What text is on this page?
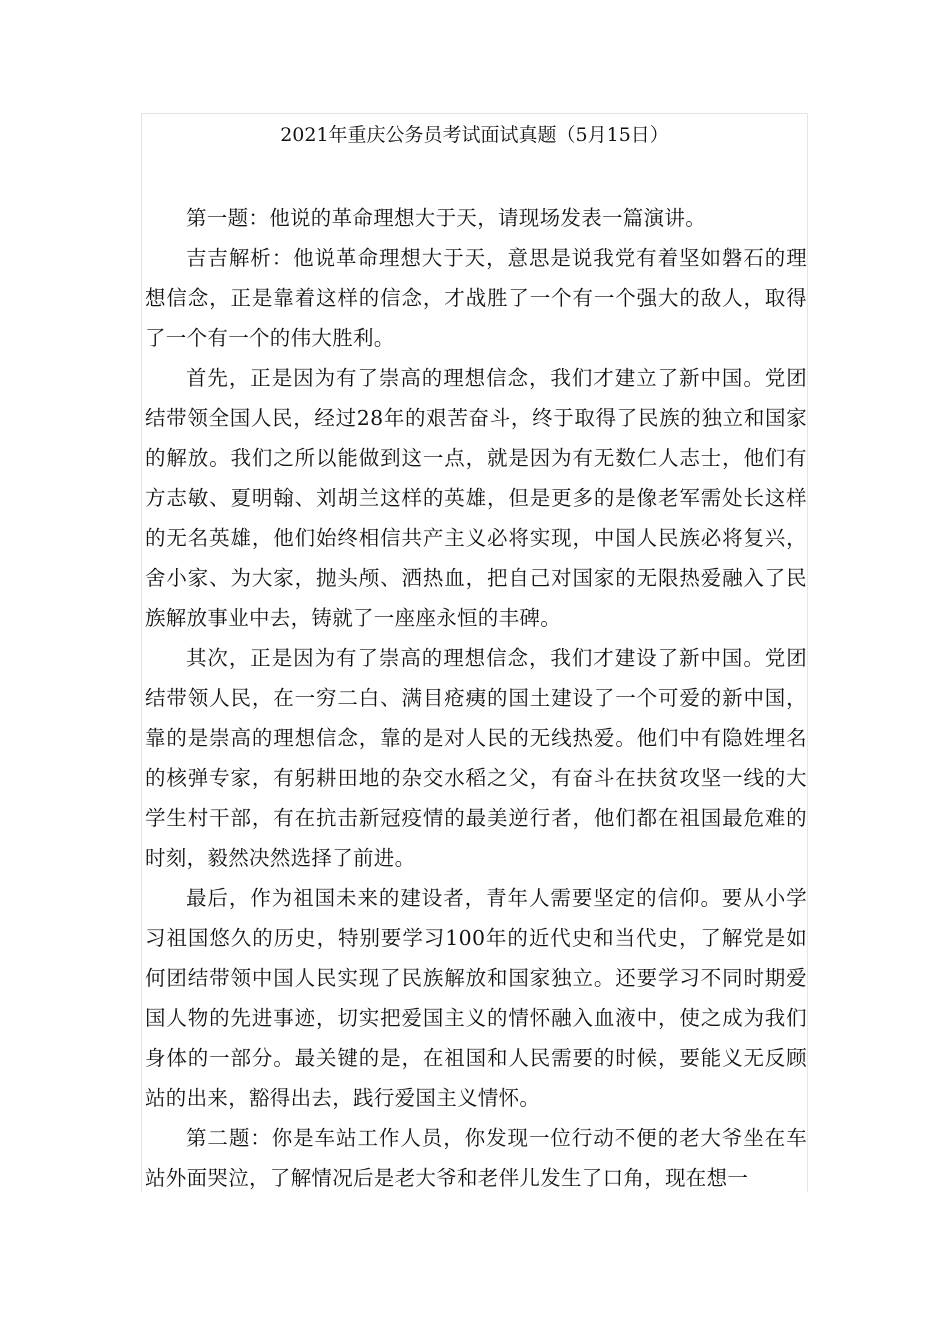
2021年重庆公务员考试面试真题（5月15日）

第一题：他说的革命理想大于天，请现场发表一篇演讲。

吉吉解析：他说革命理想大于天，意思是说我党有着坚如磐石的理想信念，正是靠着这样的信念，才战胜了一个有一个强大的敌人，取得了一个有一个的伟大胜利。

首先，正是因为有了崇高的理想信念，我们才建立了新中国。党团结带领全国人民，经过28年的艰苦奋斗，终于取得了民族的独立和国家的解放。我们之所以能做到这一点，就是因为有无数仁人志士，他们有方志敏、夏明翰、刘胡兰这样的英雄，但是更多的是像老军需处长这样的无名英雄，他们始终相信共产主义必将实现，中国人民族必将复兴，舍小家、为大家，抛头颅、洒热血，把自己对国家的无限热爱融入了民族解放事业中去，铸就了一座座永恒的丰碑。

其次，正是因为有了崇高的理想信念，我们才建设了新中国。党团结带领人民，在一穷二白、满目疮痍的国土建设了一个可爱的新中国，靠的是崇高的理想信念，靠的是对人民的无线热爱。他们中有隐姓埋名的核弹专家，有躬耕田地的杂交水稻之父，有奋斗在扶贫攻坚一线的大学生村干部，有在抗击新冠疫情的最美逆行者，他们都在祖国最危难的时刻，毅然决然选择了前进。

最后，作为祖国未来的建设者，青年人需要坚定的信仰。要从小学习祖国悠久的历史，特别要学习100年的近代史和当代史，了解党是如何团结带领中国人民实现了民族解放和国家独立。还要学习不同时期爱国人物的先进事迹，切实把爱国主义的情怀融入血液中，使之成为我们身体的一部分。最关键的是，在祖国和人民需要的时候，要能义无反顾站的出来，豁得出去，践行爱国主义情怀。

第二题：你是车站工作人员，你发现一位行动不便的老大爷坐在车站外面哭泣，了解情况后是老大爷和老伴儿发生了口角，现在想一
